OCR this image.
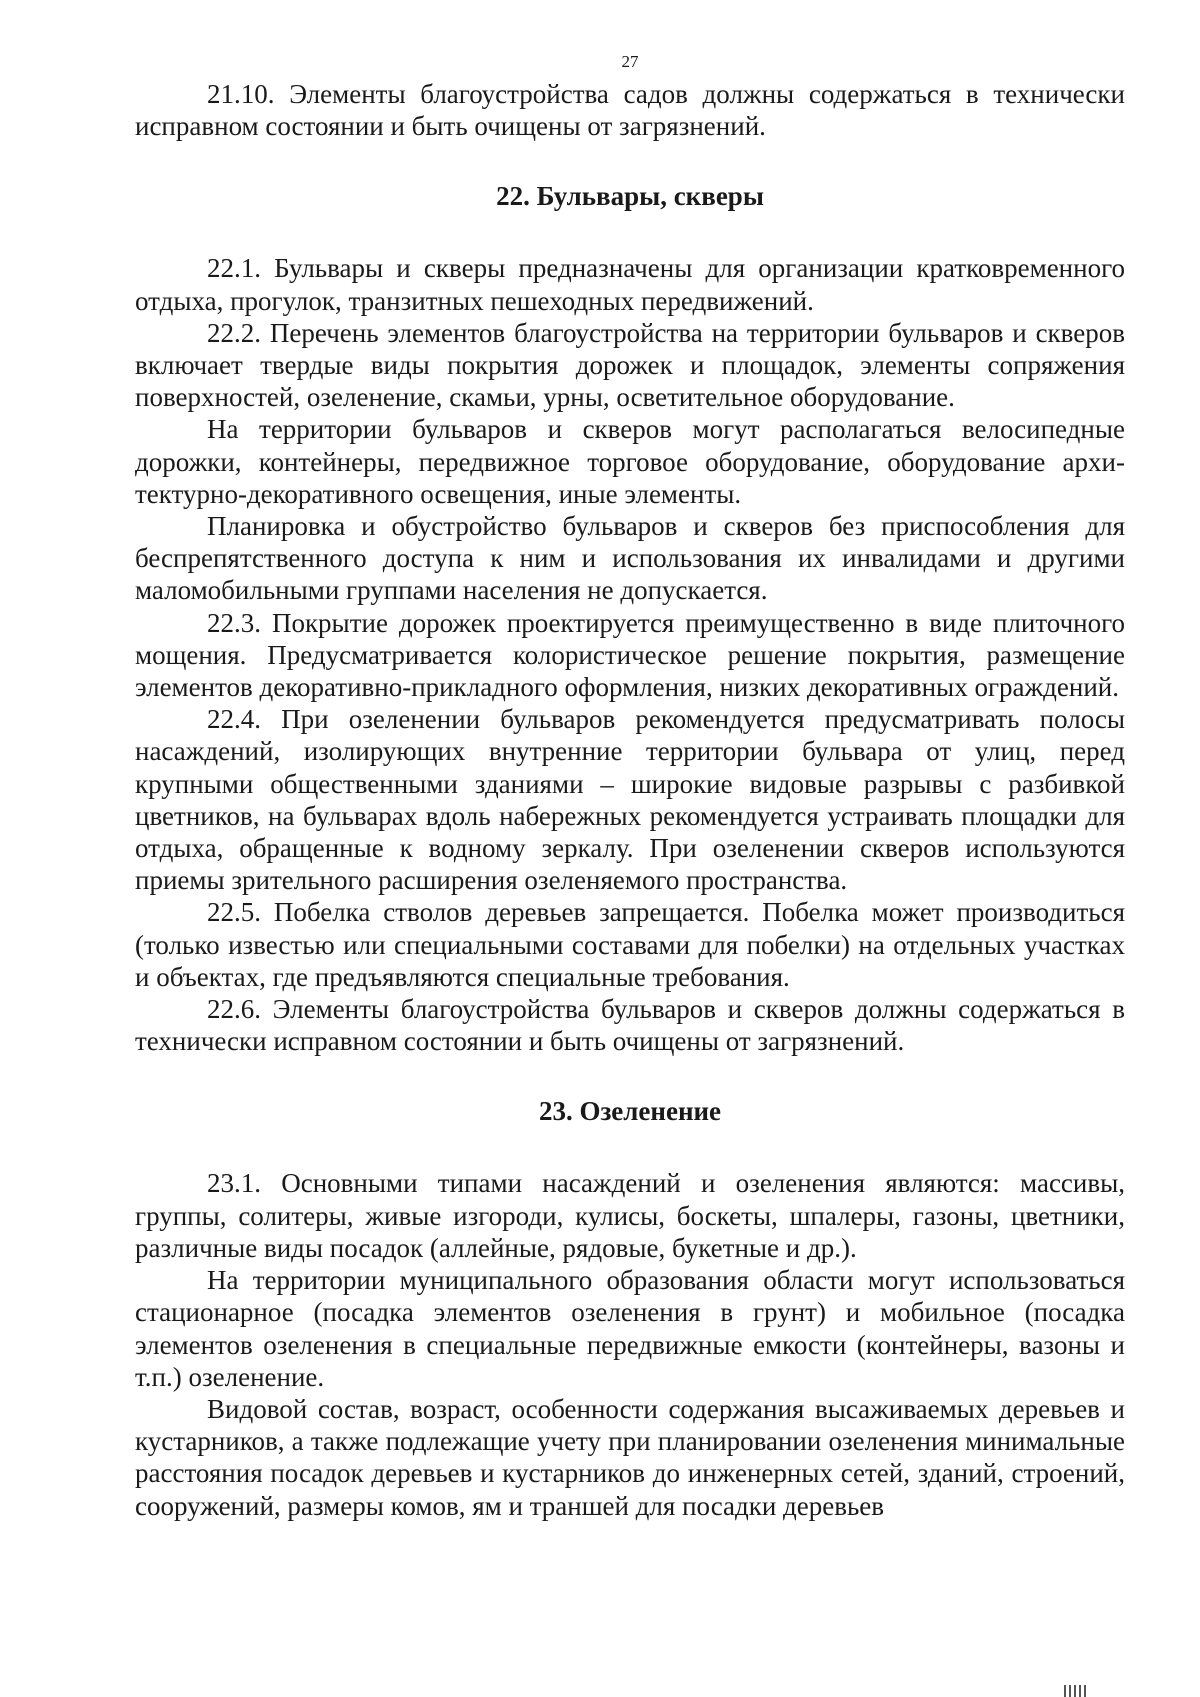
27

21.10. Элементы благоустройства садов должны содержаться в технически исправном состоянии и быть очищены от загрязнений.

22. Бульвары, скверы

22.1. Бульвары и скверы предназначены для организации кратковременного отдыха, прогулок, транзитных пешеходных передвижений.

22.2. Перечень элементов благоустройства на территории бульваров и скверов включает твердые виды покрытия дорожек и площадок, элементы сопряжения поверхностей, озеленение, скамьи, урны, осветительное оборудование.

На территории бульваров и скверов могут располагаться велосипедные дорожки, контейнеры, передвижное торговое оборудование, оборудование архитектурно-декоративного освещения, иные элементы.

Планировка и обустройство бульваров и скверов без приспособления для беспрепятственного доступа к ним и использования их инвалидами и другими маломобильными группами населения не допускается.

22.3. Покрытие дорожек проектируется преимущественно в виде плиточного мощения. Предусматривается колористическое решение покрытия, размещение элементов декоративно-прикладного оформления, низких декоративных ограждений.

22.4. При озеленении бульваров рекомендуется предусматривать полосы насаждений, изолирующих внутренние территории бульвара от улиц, перед крупными общественными зданиями – широкие видовые разрывы с разбивкой цветников, на бульварах вдоль набережных рекомендуется устраивать площадки для отдыха, обращенные к водному зеркалу. При озеленении скверов используются приемы зрительного расширения озеленяемого пространства.

22.5. Побелка стволов деревьев запрещается. Побелка может производиться (только известью или специальными составами для побелки) на отдельных участках и объектах, где предъявляются специальные требования.

22.6. Элементы благоустройства бульваров и скверов должны содержаться в технически исправном состоянии и быть очищены от загрязнений.

23. Озеленение

23.1. Основными типами насаждений и озеленения являются: массивы, группы, солитеры, живые изгороди, кулисы, боскеты, шпалеры, газоны, цветники, различные виды посадок (аллейные, рядовые, букетные и др.).

На территории муниципального образования области могут использоваться стационарное (посадка элементов озеленения в грунт) и мобильное (посадка элементов озеленения в специальные передвижные емкости (контейнеры, вазоны и т.п.) озеленение.

Видовой состав, возраст, особенности содержания высаживаемых деревьев и кустарников, а также подлежащие учету при планировании озеленения минимальные расстояния посадок деревьев и кустарников до инженерных сетей, зданий, строений, сооружений, размеры комов, ям и траншей для посадки деревьев
